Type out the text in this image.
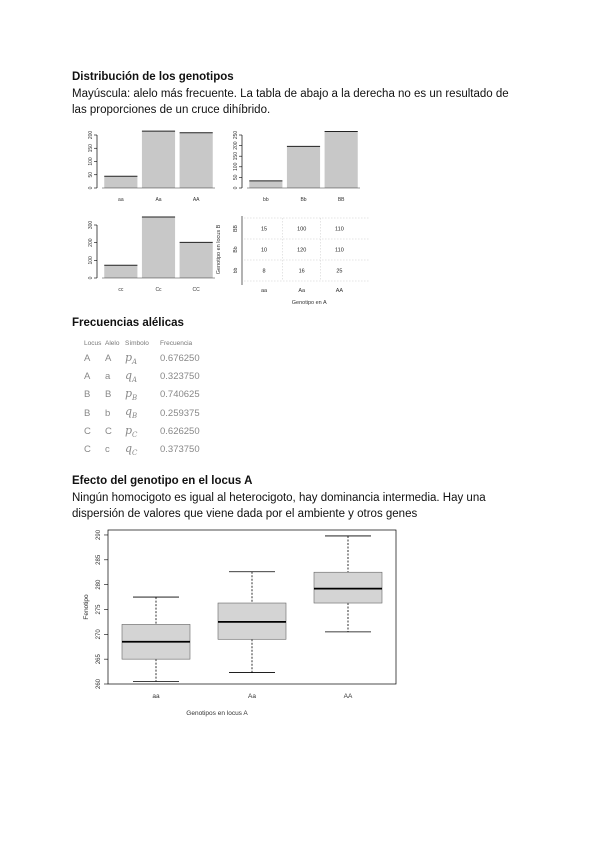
Distribución de los genotipos
Mayúscula: alelo más frecuente. La tabla de abajo a la derecha no es un resultado de las proporciones de un cruce dihíbrido.
0
50
100
150
200
aa	Aa	AA
0
50
100
150
200
250
bb	Bb	BB
0
100
200
300
cc	Cc	CC
Genotipo en locus B BB	15	100	110
Bb	10	120	110
bb	8	16	25
aa	Aa	AA
Genotipo en A
Frecuencias alélicas
Locus	Alelo	Símbolo	Frecuencia
A	A	$p_A$	0.676250
A	a	$q_A$	0.323750
B	B	$p_B$	0.740625
B	b	$q_B$	0.259375
C	C	$p_C$	0.626250
C	c	$q_C$	0.373750
Efecto del genotipo en el locus A
Ningún homocigoto es igual al heterocigoto, hay dominancia intermedia. Hay una dispersión de valores que viene dada por el ambiente y otros genes
260
265
270
275
280
285
290
Fenotipo
aa	Aa	AA
Genotipos en locus A
